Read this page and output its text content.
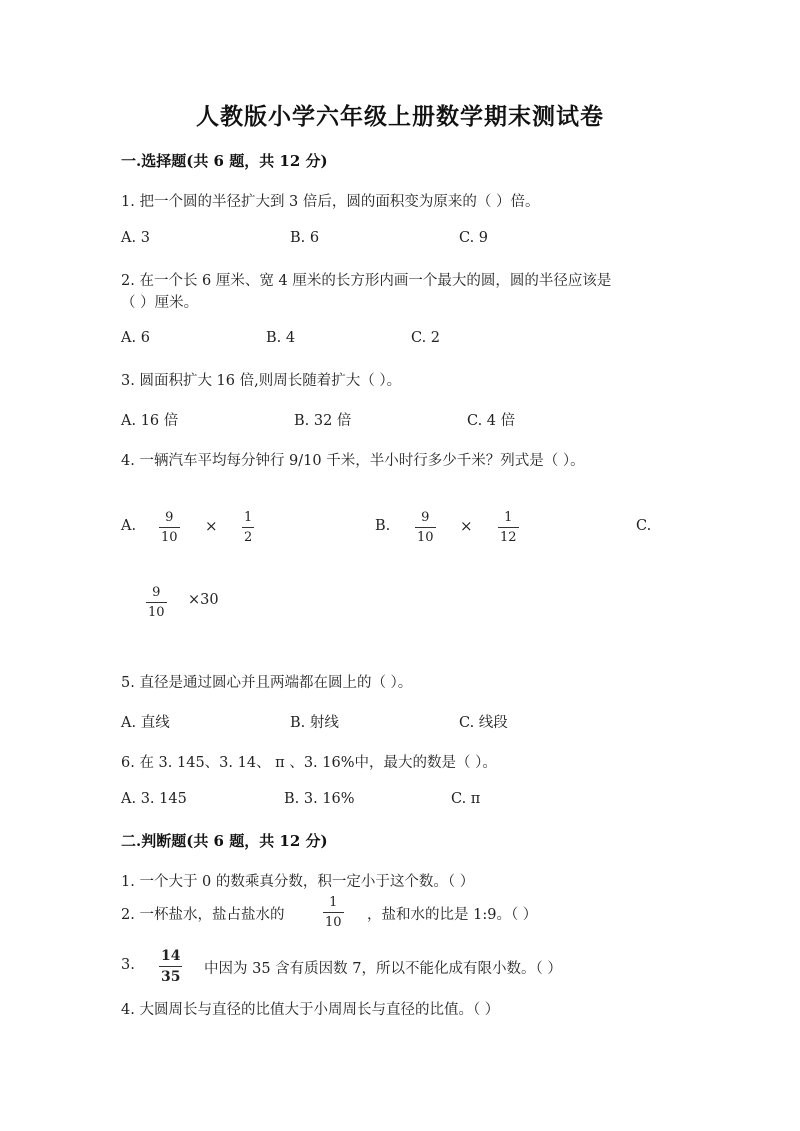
人教版小学六年级上册数学期末测试卷
一.选择题(共 6 题，共 12 分)
1. 把一个圆的半径扩大到 3 倍后，圆的面积变为原来的（ ）倍。
A. 3	B. 6	C. 9
2. 在一个长 6 厘米、宽 4 厘米的长方形内画一个最大的圆，圆的半径应该是
（ ）厘米。
A. 6	B. 4	C. 2
3. 圆面积扩大 16 倍,则周长随着扩大（ ）。
A. 16 倍	B. 32 倍	C. 4 倍
4. 一辆汽车平均每分钟行 9/10 千米，半小时行多少千米？列式是（ ）。
A.
9
10
× 1
2
B.
9
10
× 1
12
C.
9
10
×30
5. 直径是通过圆心并且两端都在圆上的（ ）。
A. 直线	B. 射线	C. 线段
6. 在 3. 145、3. 14、 π 、3. 16%中，最大的数是（ ）。
A. 3. 145	B. 3. 16%	C. π
二.判断题(共 6 题，共 12 分)
1. 一个大于 0 的数乘真分数，积一定小于这个数。（ ）
2. 一杯盐水，盐占盐水的
1
10 ，盐和水的比是 1:9。（ ）
3.
14
35 中因为 35 含有质因数 7，所以不能化成有限小数。（ ）
4. 大圆周长与直径的比值大于小周周长与直径的比值。（ ）
